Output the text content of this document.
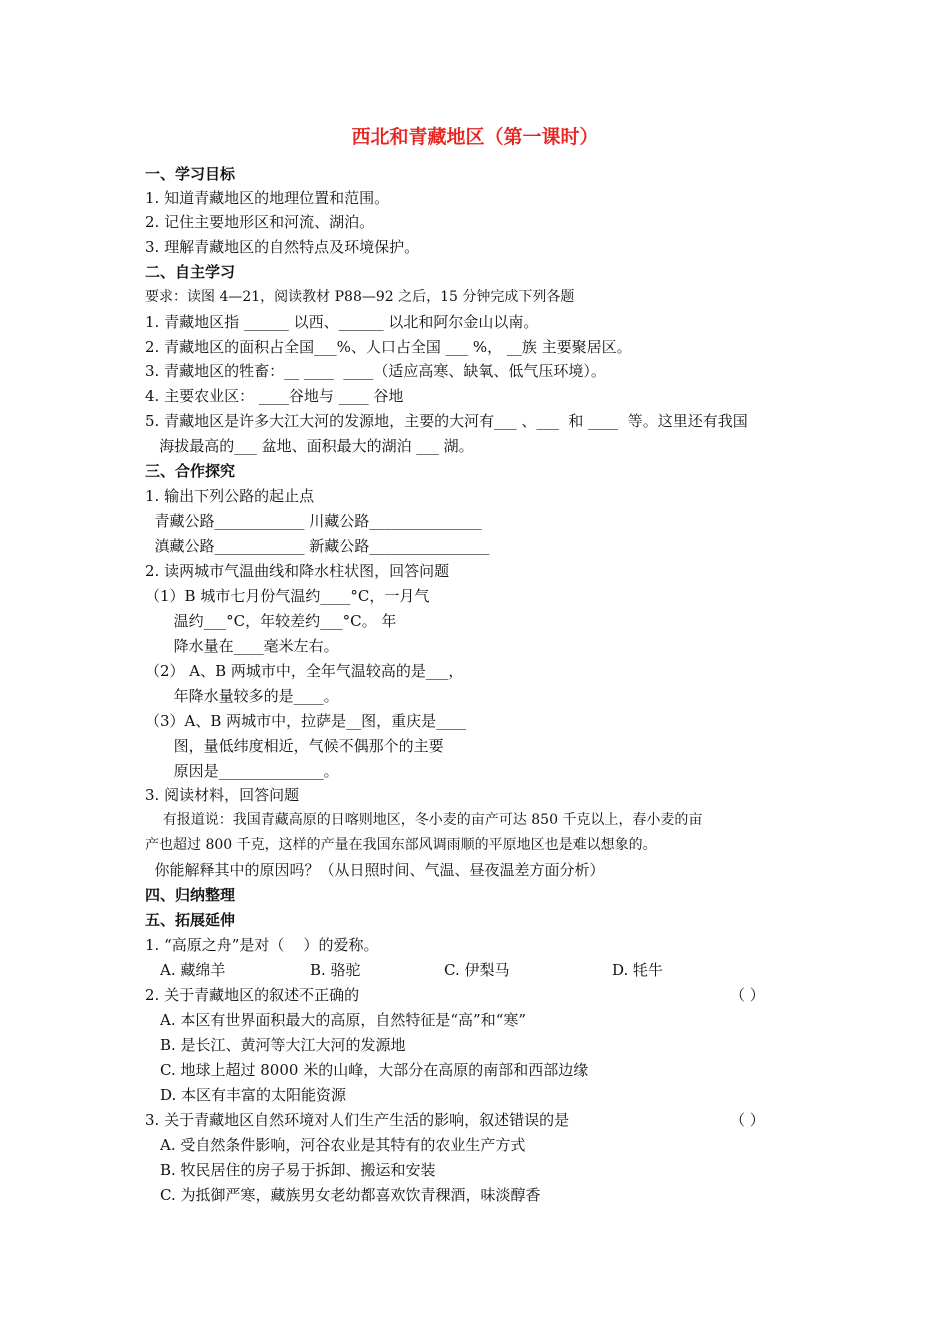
西北和青藏地区（第一课时）
一、学习目标
1. 知道青藏地区的地理位置和范围。
2. 记住主要地形区和河流、湖泊。
3. 理解青藏地区的自然特点及环境保护。
二、自主学习
要求：读图 4—21，阅读教材 P88—92 之后，15 分钟完成下列各题
1. 青藏地区指 ______ 以西、______ 以北和阿尔金山以南。
2. 青藏地区的面积占全国___%、人口占全国 ___ %， __族 主要聚居区。
3. 青藏地区的牲畜：__ ____  ____（适应高寒、缺氧、低气压环境）。
4. 主要农业区： ____谷地与 ____ 谷地
5. 青藏地区是许多大江大河的发源地，主要的大河有___ 、___  和 ____  等。这里还有我国
海拔最高的___ 盆地、面积最大的湖泊 ___ 湖。
三、合作探究
1. 输出下列公路的起止点
青藏公路____________ 川藏公路_______________
滇藏公路____________ 新藏公路________________
2. 读两城市气温曲线和降水柱状图，回答问题
（1）B 城市七月份气温约____°C，一月气
温约___°C，年较差约___°C。 年
降水量在____毫米左右。
（2） A、B 两城市中，全年气温较高的是___，
年降水量较多的是____。
（3）A、B 两城市中，拉萨是__图，重庆是____
图，量低纬度相近，气候不偶那个的主要
原因是______________。
3. 阅读材料，回答问题
有报道说：我国青藏高原的日喀则地区，冬小麦的亩产可达 850 千克以上，春小麦的亩
产也超过 800 千克，这样的产量在我国东部风调雨顺的平原地区也是难以想象的。
你能解释其中的原因吗？（从日照时间、气温、昼夜温差方面分析）
四、归纳整理
五、拓展延伸
1. “高原之舟”是对（    ）的爱称。
A. 藏绵羊	B. 骆驼	C. 伊梨马	D. 牦牛
2. 关于青藏地区的叙述不正确的	（ ）
A. 本区有世界面积最大的高原，自然特征是“高”和“寒”
B. 是长江、黄河等大江大河的发源地
C. 地球上超过 8000 米的山峰，大部分在高原的南部和西部边缘
D. 本区有丰富的太阳能资源
3. 关于青藏地区自然环境对人们生产生活的影响，叙述错误的是	（ ）
A. 受自然条件影响，河谷农业是其特有的农业生产方式
B. 牧民居住的房子易于拆卸、搬运和安装
C. 为抵御严寒，藏族男女老幼都喜欢饮青稞酒，味淡醇香
